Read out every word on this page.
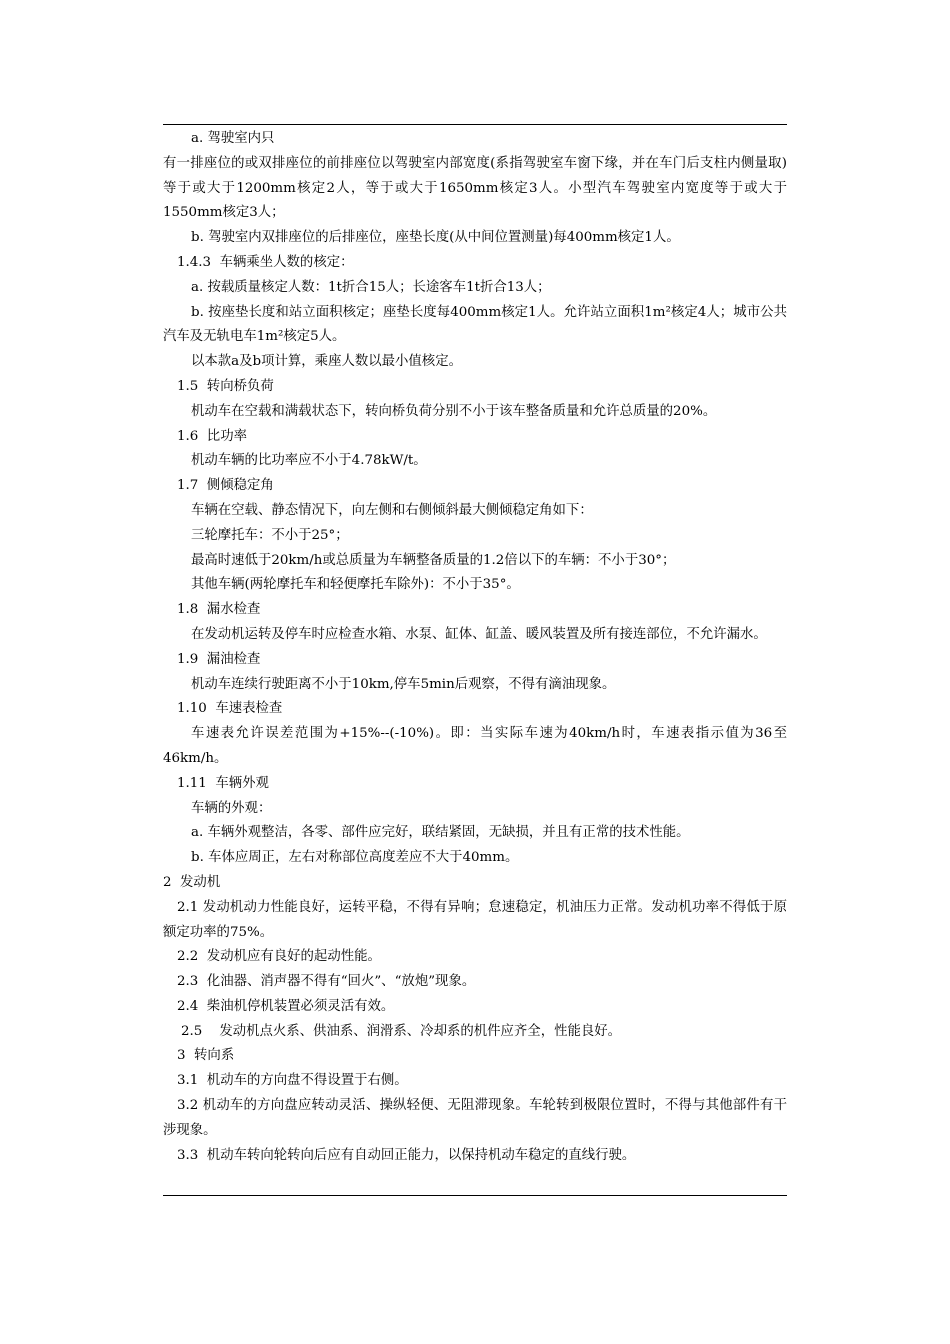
a. 驾驶室内只

有一排座位的或双排座位的前排座位以驾驶室内部宽度(系指驾驶室车窗下缘，并在车门后支柱内侧量取)等于或大于1200mm核定2人，等于或大于1650mm核定3人。小型汽车驾驶室内宽度等于或大于1550mm核定3人；

b. 驾驶室内双排座位的后排座位，座垫长度(从中间位置测量)每400mm核定1人。

1.4.3  车辆乘坐人数的核定：

a. 按载质量核定人数：1t折合15人；长途客车1t折合13人；

b. 按座垫长度和站立面积核定；座垫长度每400mm核定1人。允许站立面积1m²核定4人；城市公共汽车及无轨电车1m²核定5人。

以本款a及b项计算，乘座人数以最小值核定。

1.5  转向桥负荷

机动车在空载和满载状态下，转向桥负荷分别不小于该车整备质量和允许总质量的20%。

1.6  比功率

机动车辆的比功率应不小于4.78kW/t。

1.7  侧倾稳定角

车辆在空载、静态情况下，向左侧和右侧倾斜最大侧倾稳定角如下：

三轮摩托车：不小于25°；

最高时速低于20km/h或总质量为车辆整备质量的1.2倍以下的车辆：不小于30°；

其他车辆(两轮摩托车和轻便摩托车除外)：不小于35°。

1.8  漏水检查

在发动机运转及停车时应检查水箱、水泵、缸体、缸盖、暖风装置及所有接连部位，不允许漏水。

1.9  漏油检查

机动车连续行驶距离不小于10km,停车5min后观察，不得有滴油现象。

1.10  车速表检查

车速表允许误差范围为+15%--(-10%)。即：当实际车速为40km/h时，车速表指示值为36至46km/h。

1.11  车辆外观

车辆的外观：

a. 车辆外观整洁，各零、部件应完好，联结紧固，无缺损，并且有正常的技术性能。

b. 车体应周正，左右对称部位高度差应不大于40mm。

2  发动机

2.1 发动机动力性能良好，运转平稳，不得有异响；怠速稳定，机油压力正常。发动机功率不得低于原额定功率的75%。

2.2  发动机应有良好的起动性能。

2.3  化油器、消声器不得有“回火”、“放炮”现象。

2.4  柴油机停机装置必须灵活有效。

2.5    发动机点火系、供油系、润滑系、冷却系的机件应齐全，性能良好。

3  转向系

3.1  机动车的方向盘不得设置于右侧。

3.2 机动车的方向盘应转动灵活、操纵轻便、无阻滞现象。车轮转到极限位置时，不得与其他部件有干涉现象。

3.3  机动车转向轮转向后应有自动回正能力，以保持机动车稳定的直线行驶。
